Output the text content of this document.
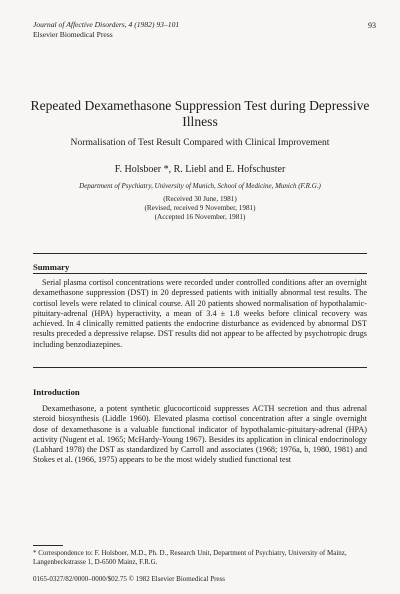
Journal of Affective Disorders, 4 (1982) 93–101
Elsevier Biomedical Press
93
Repeated Dexamethasone Suppression Test during Depressive Illness
Normalisation of Test Result Compared with Clinical Improvement
F. Holsboer *, R. Liebl and E. Hofschuster
Department of Psychiatry, University of Munich, School of Medicine, Munich (F.R.G.)
(Received 30 June, 1981)
(Revised, received 9 November, 1981)
(Accepted 16 November, 1981)
Summary
Serial plasma cortisol concentrations were recorded under controlled conditions after an overnight dexamethasone suppression (DST) in 20 depressed patients with initially abnormal test results. The cortisol levels were related to clinical course. All 20 patients showed normalisation of hypothalamic-pituitary-adrenal (HPA) hyperactivity, a mean of 3.4 ± 1.8 weeks before clinical recovery was achieved. In 4 clinically remitted patients the endocrine disturbance as evidenced by abnormal DST results preceded a depressive relapse. DST results did not appear to be affected by psychotropic drugs including benzodiazepines.
Introduction
Dexamethasone, a potent synthetic glucocorticoid suppresses ACTH secretion and thus adrenal steroid biosynthesis (Liddle 1960). Elevated plasma cortisol concentration after a single overnight dose of dexamethasone is a valuable functional indicator of hypothalamic-pituitary-adrenal (HPA) activity (Nugent et al. 1965; McHardy-Young 1967). Besides its application in clinical endocrinology (Labhard 1978) the DST as standardized by Carroll and associates (1968; 1976a, b, 1980, 1981) and Stokes et al. (1966, 1975) appears to be the most widely studied functional test
* Correspondence to: F. Holsboer, M.D., Ph. D., Research Unit, Department of Psychiatry, University of Mainz, Langenbeckstrasse 1, D-6500 Mainz, F.R.G.
0165-0327/82/0000–0000/$02.75 © 1982 Elsevier Biomedical Press
